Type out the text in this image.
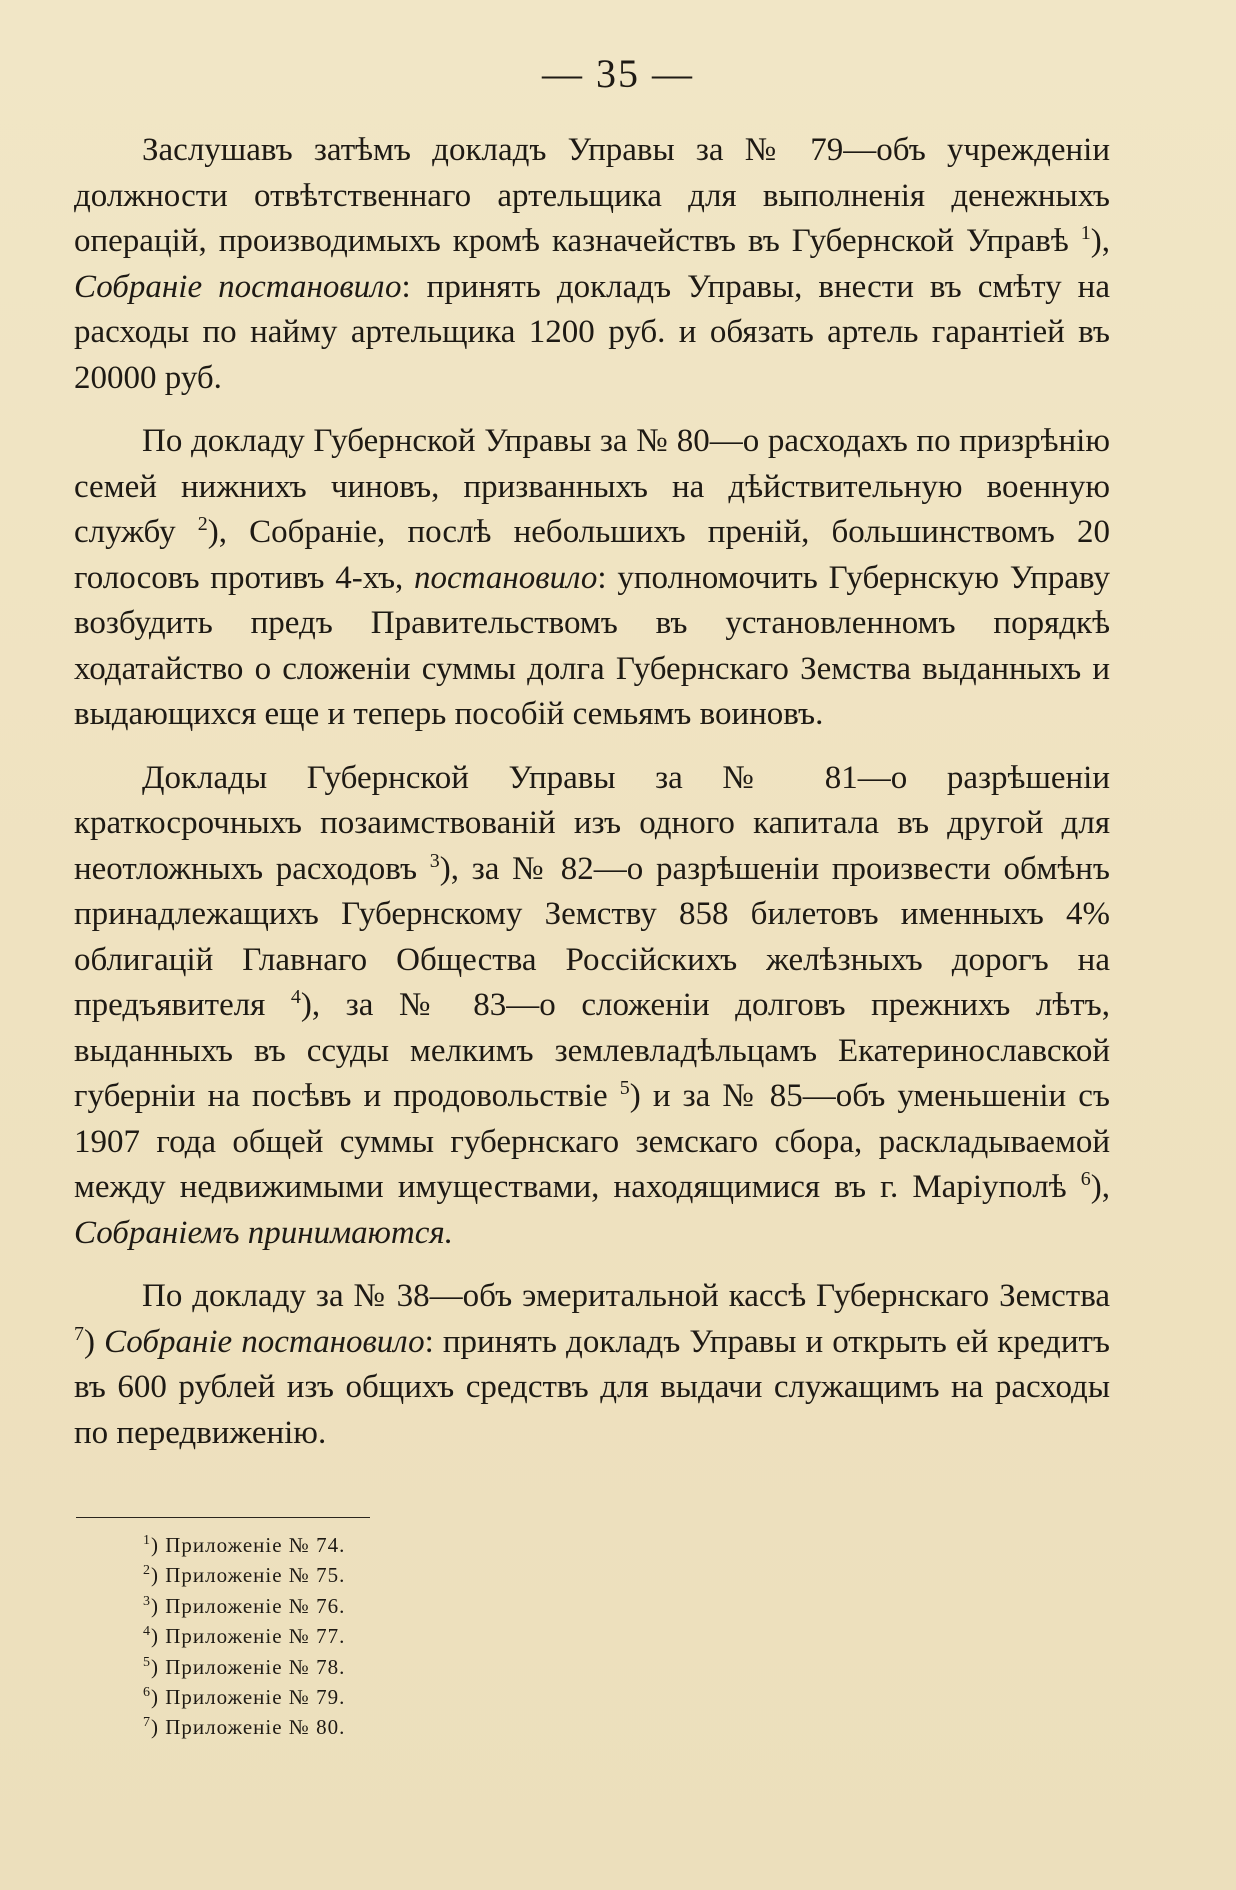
— 35 —

Заслушавъ затѣмъ докладъ Управы за № 79—объ учрежденіи должности отвѣтственнаго артельщика для выполненія денежныхъ операцій, производимыхъ кромѣ казначействъ въ Губернской Управѣ $^1$), Собраніе постановило: принять докладъ Управы, внести въ смѣту на расходы по найму артельщика 1200 руб. и обязать артель гарантіей въ 20000 руб.

По докладу Губернской Управы за № 80—о расходахъ по призрѣнію семей нижнихъ чиновъ, призванныхъ на дѣйствительную военную службу $^2$), Собраніе, послѣ небольшихъ преній, большинствомъ 20 голосовъ противъ 4-хъ, постановило: уполномочить Губернскую Управу возбудить предъ Правительствомъ въ установленномъ порядкѣ ходатайство о сложеніи суммы долга Губернскаго Земства выданныхъ и выдающихся еще и теперь пособій семьямъ воиновъ.

Доклады Губернской Управы за № 81—о разрѣшеніи краткосрочныхъ позаимствованій изъ одного капитала въ другой для неотложныхъ расходовъ $^3$), за № 82—о разрѣшеніи произвести обмѣнъ принадлежащихъ Губернскому Земству 858 билетовъ именныхъ 4% облигацій Главнаго Общества Россійскихъ желѣзныхъ дорогъ на предъявителя $^4$), за № 83—о сложеніи долговъ прежнихъ лѣтъ, выданныхъ въ ссуды мелкимъ землевладѣльцамъ Екатеринославской губерніи на посѣвъ и продовольствіе $^5$) и за № 85—объ уменьшеніи съ 1907 года общей суммы губернскаго земскаго сбора, раскладываемой между недвижимыми имуществами, находящимися въ г. Маріуполѣ $^6$), Собраніемъ принимаются.

По докладу за № 38—объ эмеритальной кассѣ Губернскаго Земства $^7$) Собраніе постановило: принять докладъ Управы и открыть ей кредитъ въ 600 рублей изъ общихъ средствъ для выдачи служащимъ на расходы по передвиженію.

$^1$) Приложеніе № 74.
$^2$) Приложеніе № 75.
$^3$) Приложеніе № 76.
$^4$) Приложеніе № 77.
$^5$) Приложеніе № 78.
$^6$) Приложеніе № 79.
$^7$) Приложеніе № 80.
